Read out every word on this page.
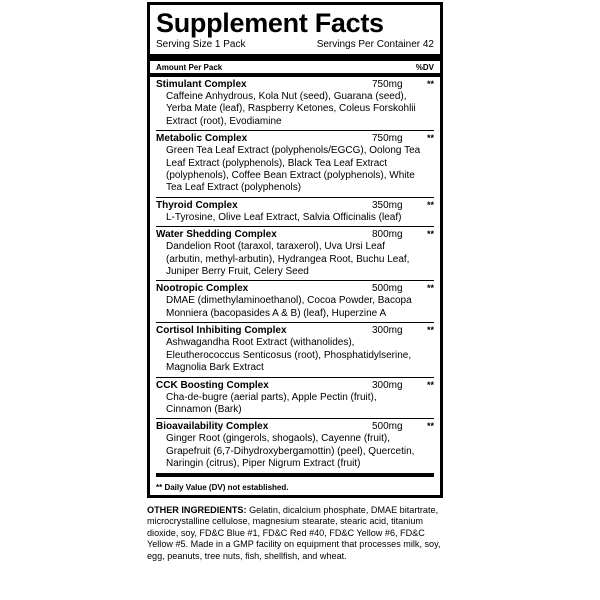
Supplement Facts
Serving Size 1 Pack	Servings Per Container 42
Amount Per Pack	%DV
Stimulant Complex	750mg	**
Caffeine Anhydrous, Kola Nut (seed), Guarana (seed), Yerba Mate (leaf), Raspberry Ketones, Coleus Forskohlii Extract (root), Evodiamine
Metabolic Complex	750mg	**
Green Tea Leaf Extract (polyphenols/EGCG), Oolong Tea Leaf Extract (polyphenols), Black Tea Leaf Extract (polyphenols), Coffee Bean Extract (polyphenols), White Tea Leaf Extract (polyphenols)
Thyroid Complex	350mg	**
L-Tyrosine, Olive Leaf Extract, Salvia Officinalis (leaf)
Water Shedding Complex	800mg	**
Dandelion Root (taraxol, taraxerol), Uva Ursi Leaf (arbutin, methyl-arbutin), Hydrangea Root, Buchu Leaf, Juniper Berry Fruit, Celery Seed
Nootropic Complex	500mg	**
DMAE (dimethylaminoethanol), Cocoa Powder, Bacopa Monniera (bacopasides A & B) (leaf), Huperzine A
Cortisol Inhibiting Complex	300mg	**
Ashwagandha Root Extract (withanolides), Eleutherococcus Senticosus (root), Phosphatidylserine, Magnolia Bark Extract
CCK Boosting Complex	300mg	**
Cha-de-bugre (aerial parts), Apple Pectin (fruit), Cinnamon (Bark)
Bioavailability Complex	500mg	**
Ginger Root (gingerols, shogaols), Cayenne (fruit), Grapefruit (6,7-Dihydroxybergamottin) (peel), Quercetin, Naringin (citrus), Piper Nigrum Extract (fruit)
** Daily Value (DV) not established.
OTHER INGREDIENTS: Gelatin, dicalcium phosphate, DMAE bitartrate, microcrystalline cellulose, magnesium stearate, stearic acid, titanium dioxide, soy, FD&C Blue #1, FD&C Red #40, FD&C Yellow #6, FD&C Yellow #5. Made in a GMP facility on equipment that processes milk, soy, egg, peanuts, tree nuts, fish, shellfish, and wheat.
